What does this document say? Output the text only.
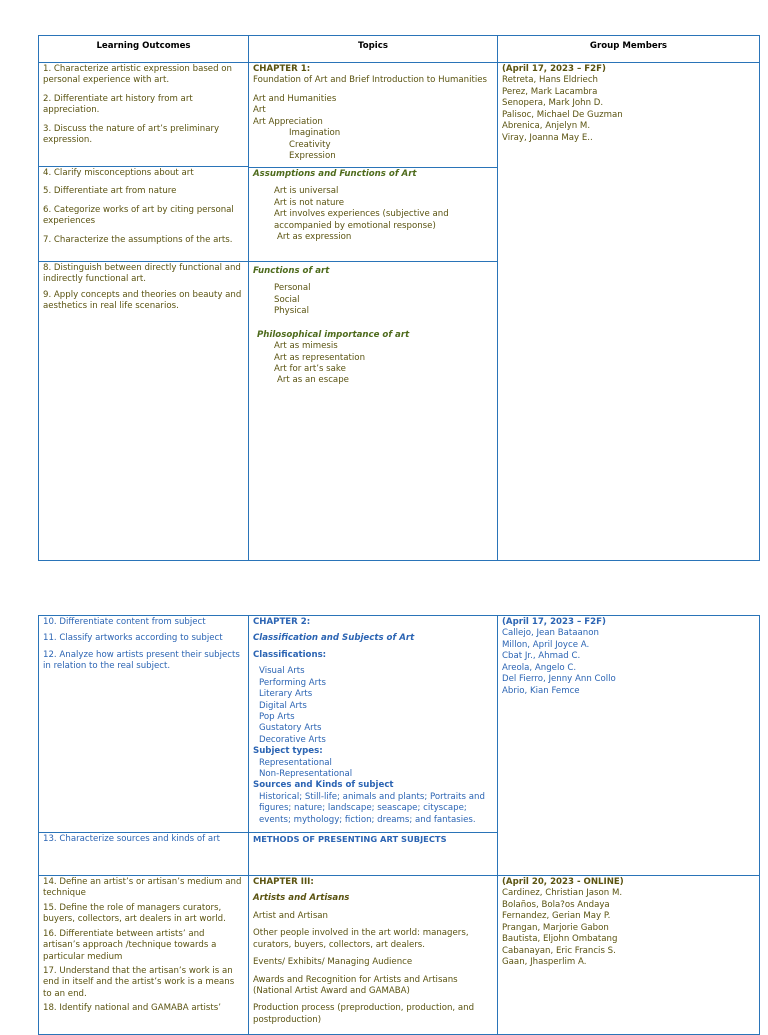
Learning Outcomes	Topics	Group Members

1. Characterize artistic expression based on personal experience with art.

2. Differentiate art history from art appreciation.

3. Discuss the nature of art’s preliminary expression.

4. Clarify misconceptions about art

5. Differentiate art from nature

6. Categorize works of art by citing personal experiences

7. Characterize the assumptions of the arts.

8. Distinguish between directly functional and indirectly functional art.

9. Apply concepts and theories on beauty and aesthetics in real life scenarios.

CHAPTER 1:

Foundation of Art and Brief Introduction to Humanities

Art and Humanities

Art

Art Appreciation

Imagination

Creativity

Expression

Assumptions and Functions of Art

Art is universal

Art is not nature

Art involves experiences (subjective and accompanied by emotional response)

Art as expression

Functions of art

Personal

Social

Physical

Philosophical importance of art

Art as mimesis

Art as representation

Art for art’s sake

Art as an escape

(April 17, 2023 – F2F)

Retreta, Hans Eldriech

Perez, Mark Lacambra

Senopera, Mark John D.

Palisoc, Michael De Guzman

Abrenica, Anjelyn M.

Viray, Joanna May E..

10. Differentiate content from subject

11. Classify artworks according to subject

12. Analyze how artists present their subjects in relation to the real subject.

13. Characterize sources and kinds of art

CHAPTER 2:

Classification and Subjects of Art

Classifications:

Visual Arts

Performing Arts

Literary Arts

Digital Arts

Pop Arts

Gustatory Arts

Decorative Arts

Subject types:

Representational

Non-Representational

Sources and Kinds of subject

Historical; Still-life; animals and plants; Portraits and figures; nature; landscape; seascape; cityscape; events; mythology; fiction; dreams; and fantasies.

METHODS OF PRESENTING ART SUBJECTS

(April 17, 2023 – F2F)

Callejo, Jean Bataanon

Millon, April Joyce A.

Cbat Jr., Ahmad C.

Areola, Angelo C.

Del Fierro, Jenny Ann Collo

Abrio, Kian Femce

14. Define an artist’s or artisan’s medium and technique

15. Define the role of managers curators, buyers, collectors, art dealers in art world.

16. Differentiate between artists’ and artisan’s approach /technique towards a particular medium

17. Understand that the artisan’s work is an end in itself and the artist’s work is a means to an end.

18. Identify national and GAMABA artists’

CHAPTER III:

Artists and Artisans

Artist and Artisan

Other people involved in the art world: managers, curators, buyers, collectors, art dealers.

Events/ Exhibits/ Managing Audience

Awards and Recognition for Artists and Artisans (National Artist Award and GAMABA)

Production process (preproduction, production, and postproduction)

(April 20, 2023 - ONLINE)

Cardinez, Christian Jason M.

Bolaños, Bola?os Andaya

Fernandez, Gerian May P.

Prangan, Marjorie Gabon

Bautista, Eljohn Ombatang

Cabanayan, Eric Francis S.

Gaan, Jhasperlim A.
